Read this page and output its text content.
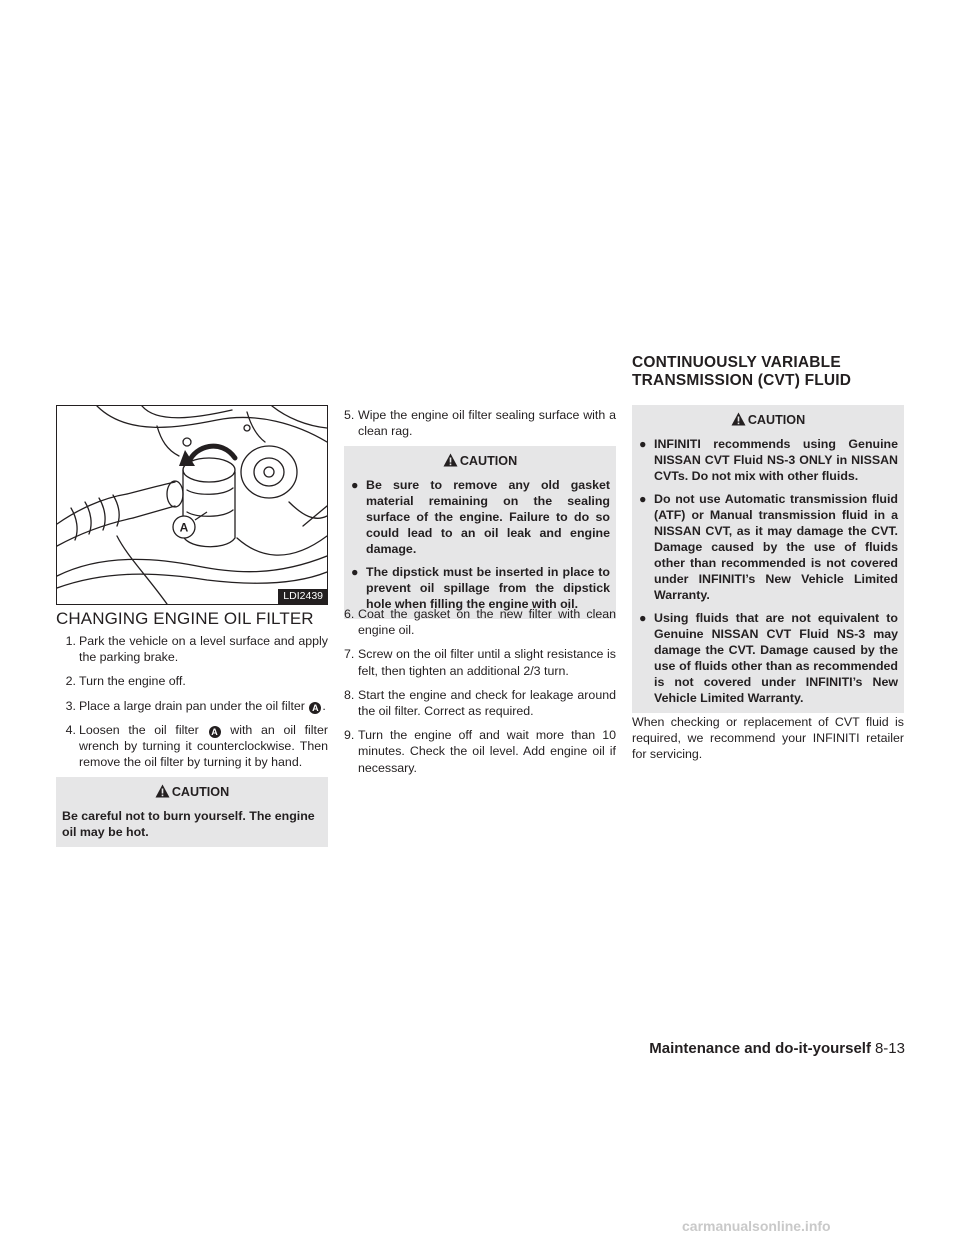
A
LDI2439
CHANGING ENGINE OIL FILTER
1. Park the vehicle on a level surface and apply the parking brake.
2. Turn the engine off.
3. Place a large drain pan under the oil filter A .
4. Loosen the oil filter A with an oil filter wrench by turning it counterclockwise. Then remove the oil filter by turning it by hand.
CAUTION
Be careful not to burn yourself. The engine oil may be hot.
5. Wipe the engine oil filter sealing surface with a clean rag.
CAUTION
● Be sure to remove any old gasket material remaining on the sealing surface of the engine. Failure to do so could lead to an oil leak and engine damage.
● The dipstick must be inserted in place to prevent oil spillage from the dipstick hole when filling the engine with oil.
6. Coat the gasket on the new filter with clean engine oil.
7. Screw on the oil filter until a slight resistance is felt, then tighten an additional 2/3 turn.
8. Start the engine and check for leakage around the oil filter. Correct as required.
9. Turn the engine off and wait more than 10 minutes. Check the oil level. Add engine oil if necessary.
CONTINUOUSLY VARIABLE
TRANSMISSION (CVT) FLUID
CAUTION
● INFINITI recommends using Genuine NISSAN CVT Fluid NS-3 ONLY in NISSAN CVTs. Do not mix with other fluids.
● Do not use Automatic transmission fluid (ATF) or Manual transmission fluid in a NISSAN CVT, as it may damage the CVT. Damage caused by the use of fluids other than recommended is not covered under INFINITI’s New Vehicle Limited Warranty.
● Using fluids that are not equivalent to Genuine NISSAN CVT Fluid NS-3 may damage the CVT. Damage caused by the use of fluids other than as recommended is not covered under INFINITI’s New Vehicle Limited Warranty.
When checking or replacement of CVT fluid is required, we recommend your INFINITI retailer for servicing.
Maintenance and do-it-yourself 8-13
carmanualsonline.info
